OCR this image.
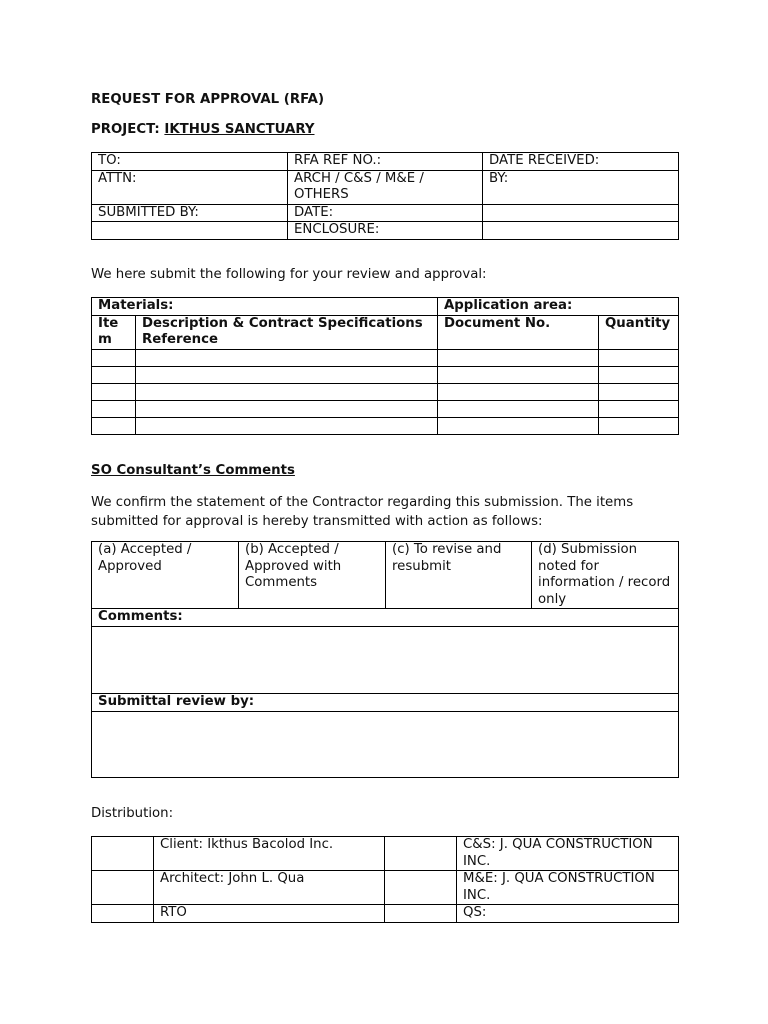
REQUEST FOR APPROVAL (RFA)
PROJECT: IKTHUS SANCTUARY
TO:	RFA REF NO.:	DATE RECEIVED:
ATTN:	ARCH / C&S / M&E / OTHERS	BY:
SUBMITTED BY:	DATE:	
	ENCLOSURE:	
We here submit the following for your review and approval:
Materials:		Application area:	
Item	Description & Contract Specifications Reference	Document No.	Quantity

SO Consultant’s Comments
We confirm the statement of the Contractor regarding this submission. The items submitted for approval is hereby transmitted with action as follows:
(a) Accepted / Approved	(b) Accepted / Approved with Comments	(c) To revise and resubmit	(d) Submission noted for information / record only
Comments:

Submittal review by:

Distribution:
	Client: Ikthus Bacolod Inc.		C&S: J. QUA CONSTRUCTION INC.
	Architect: John L. Qua		M&E: J. QUA CONSTRUCTION INC.
	RTO		QS:
